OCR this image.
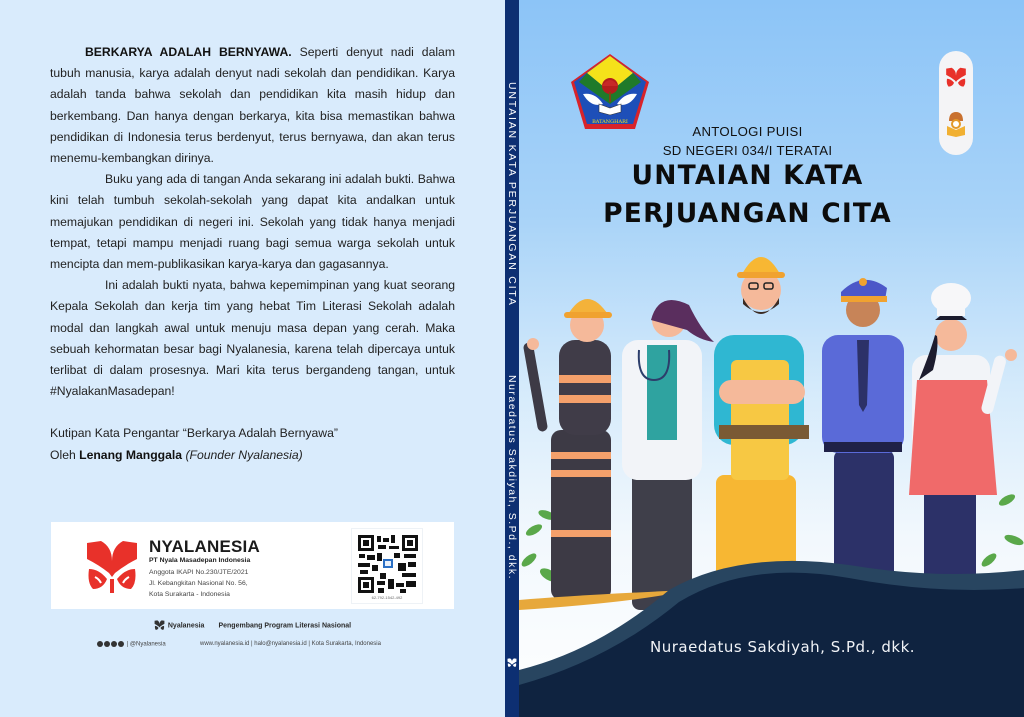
BERKARYA ADALAH BERNYAWA. Seperti denyut nadi dalam tubuh manusia, karya adalah denyut nadi sekolah dan pendidikan. Karya adalah tanda bahwa sekolah dan pendidikan kita masih hidup dan berkembang. Dan hanya dengan berkarya, kita bisa memastikan bahwa pendidikan di Indonesia terus berdenyut, terus bernyawa, dan akan terus menemu-kembangkan dirinya.

Buku yang ada di tangan Anda sekarang ini adalah bukti. Bahwa kini telah tumbuh sekolah-sekolah yang dapat kita andalkan untuk memajukan pendidikan di negeri ini. Sekolah yang tidak hanya menjadi tempat, tetapi mampu menjadi ruang bagi semua warga sekolah untuk mencipta dan mem-publikasikan karya-karya dan gagasannya.

Ini adalah bukti nyata, bahwa kepemimpinan yang kuat seorang Kepala Sekolah dan kerja tim yang hebat Tim Literasi Sekolah adalah modal dan langkah awal untuk menuju masa depan yang cerah. Maka sebuah kehormatan besar bagi Nyalanesia, karena telah dipercaya untuk terlibat di dalam prosesnya. Mari kita terus bergandeng tangan, untuk #NyalakanMasadepan!

Kutipan Kata Pengantar “Berkarya Adalah Bernyawa”

Oleh Lenang Manggala (Founder Nyalanesia)

NYALANESIA
PT Nyala Masadepan Indonesia
Anggota IKAPI No.230/JTE/2021
Jl. Kebangkitan Nasional No. 56,
Kota Surakarta - Indonesia	62-792-1542-492
Nyalanesia Pengembang Program Literasi Nasional
| @Nyalanesia	www.nyalanesia.id | halo@nyalanesia.id | Kota Surakarta, Indonesia
UNTAIAN KATA PERJUANGAN CITA
Nuraedatus Sakdiyah, S.Pd., dkk.
BATANGHARI
ANTOLOGI PUISI
SD NEGERI 034/I TERATAI
UNTAIAN KATA
PERJUANGAN CITA
Nuraedatus Sakdiyah, S.Pd., dkk.
